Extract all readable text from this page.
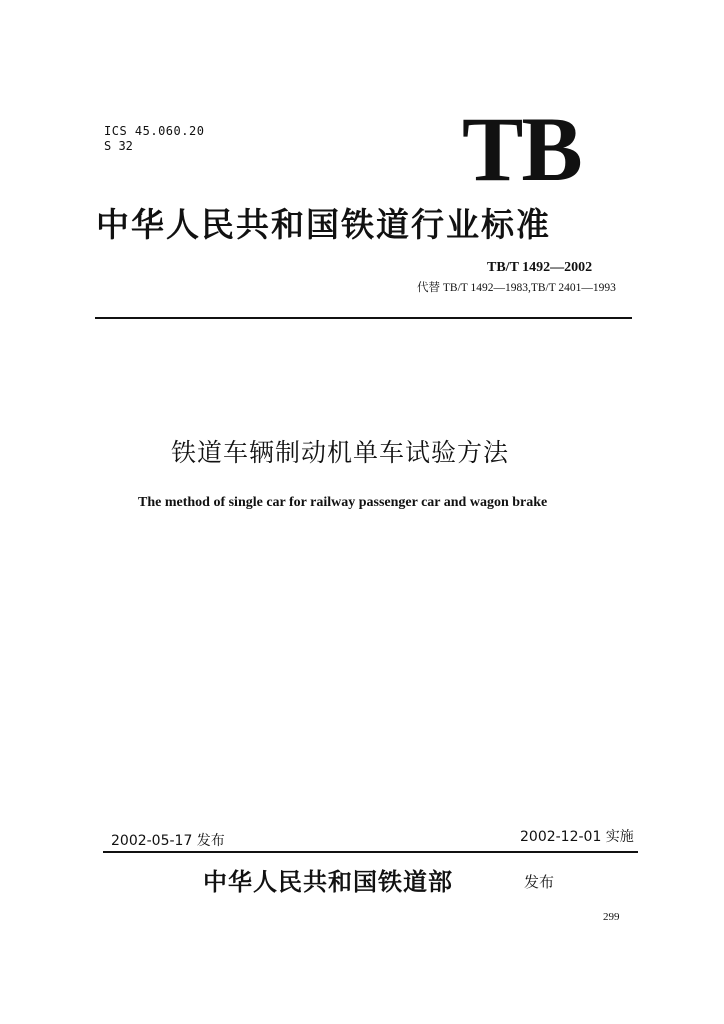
ICS 45.060.20
S 32	TB
中华人民共和国铁道行业标准
TB/T 1492—2002
代替 TB/T 1492—1983,TB/T 2401—1993
铁道车辆制动机单车试验方法
The method of single car for railway passenger car and wagon brake
2002-05-17 发布	2002-12-01 实施
中华人民共和国铁道部	发布
299
